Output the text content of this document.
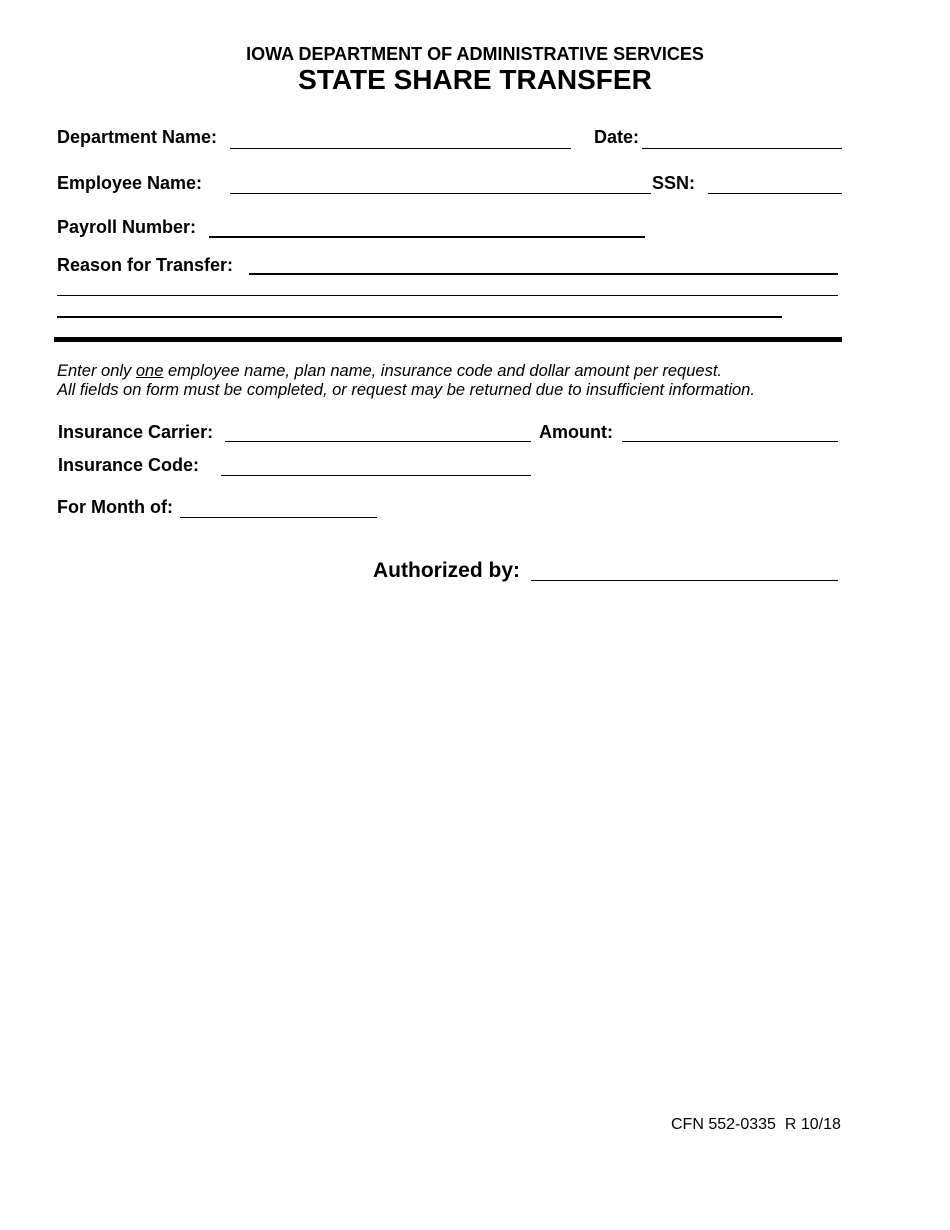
IOWA DEPARTMENT OF ADMINISTRATIVE SERVICES
STATE SHARE TRANSFER
Department Name:	Date:
Employee Name:	SSN:
Payroll Number:
Reason for Transfer:
Enter only one employee name, plan name, insurance code and dollar amount per request.
All fields on form must be completed, or request may be returned due to insufficient information.
Insurance Carrier:	Amount:
Insurance Code:
For Month of:
Authorized by:
CFN 552-0335  R 10/18
